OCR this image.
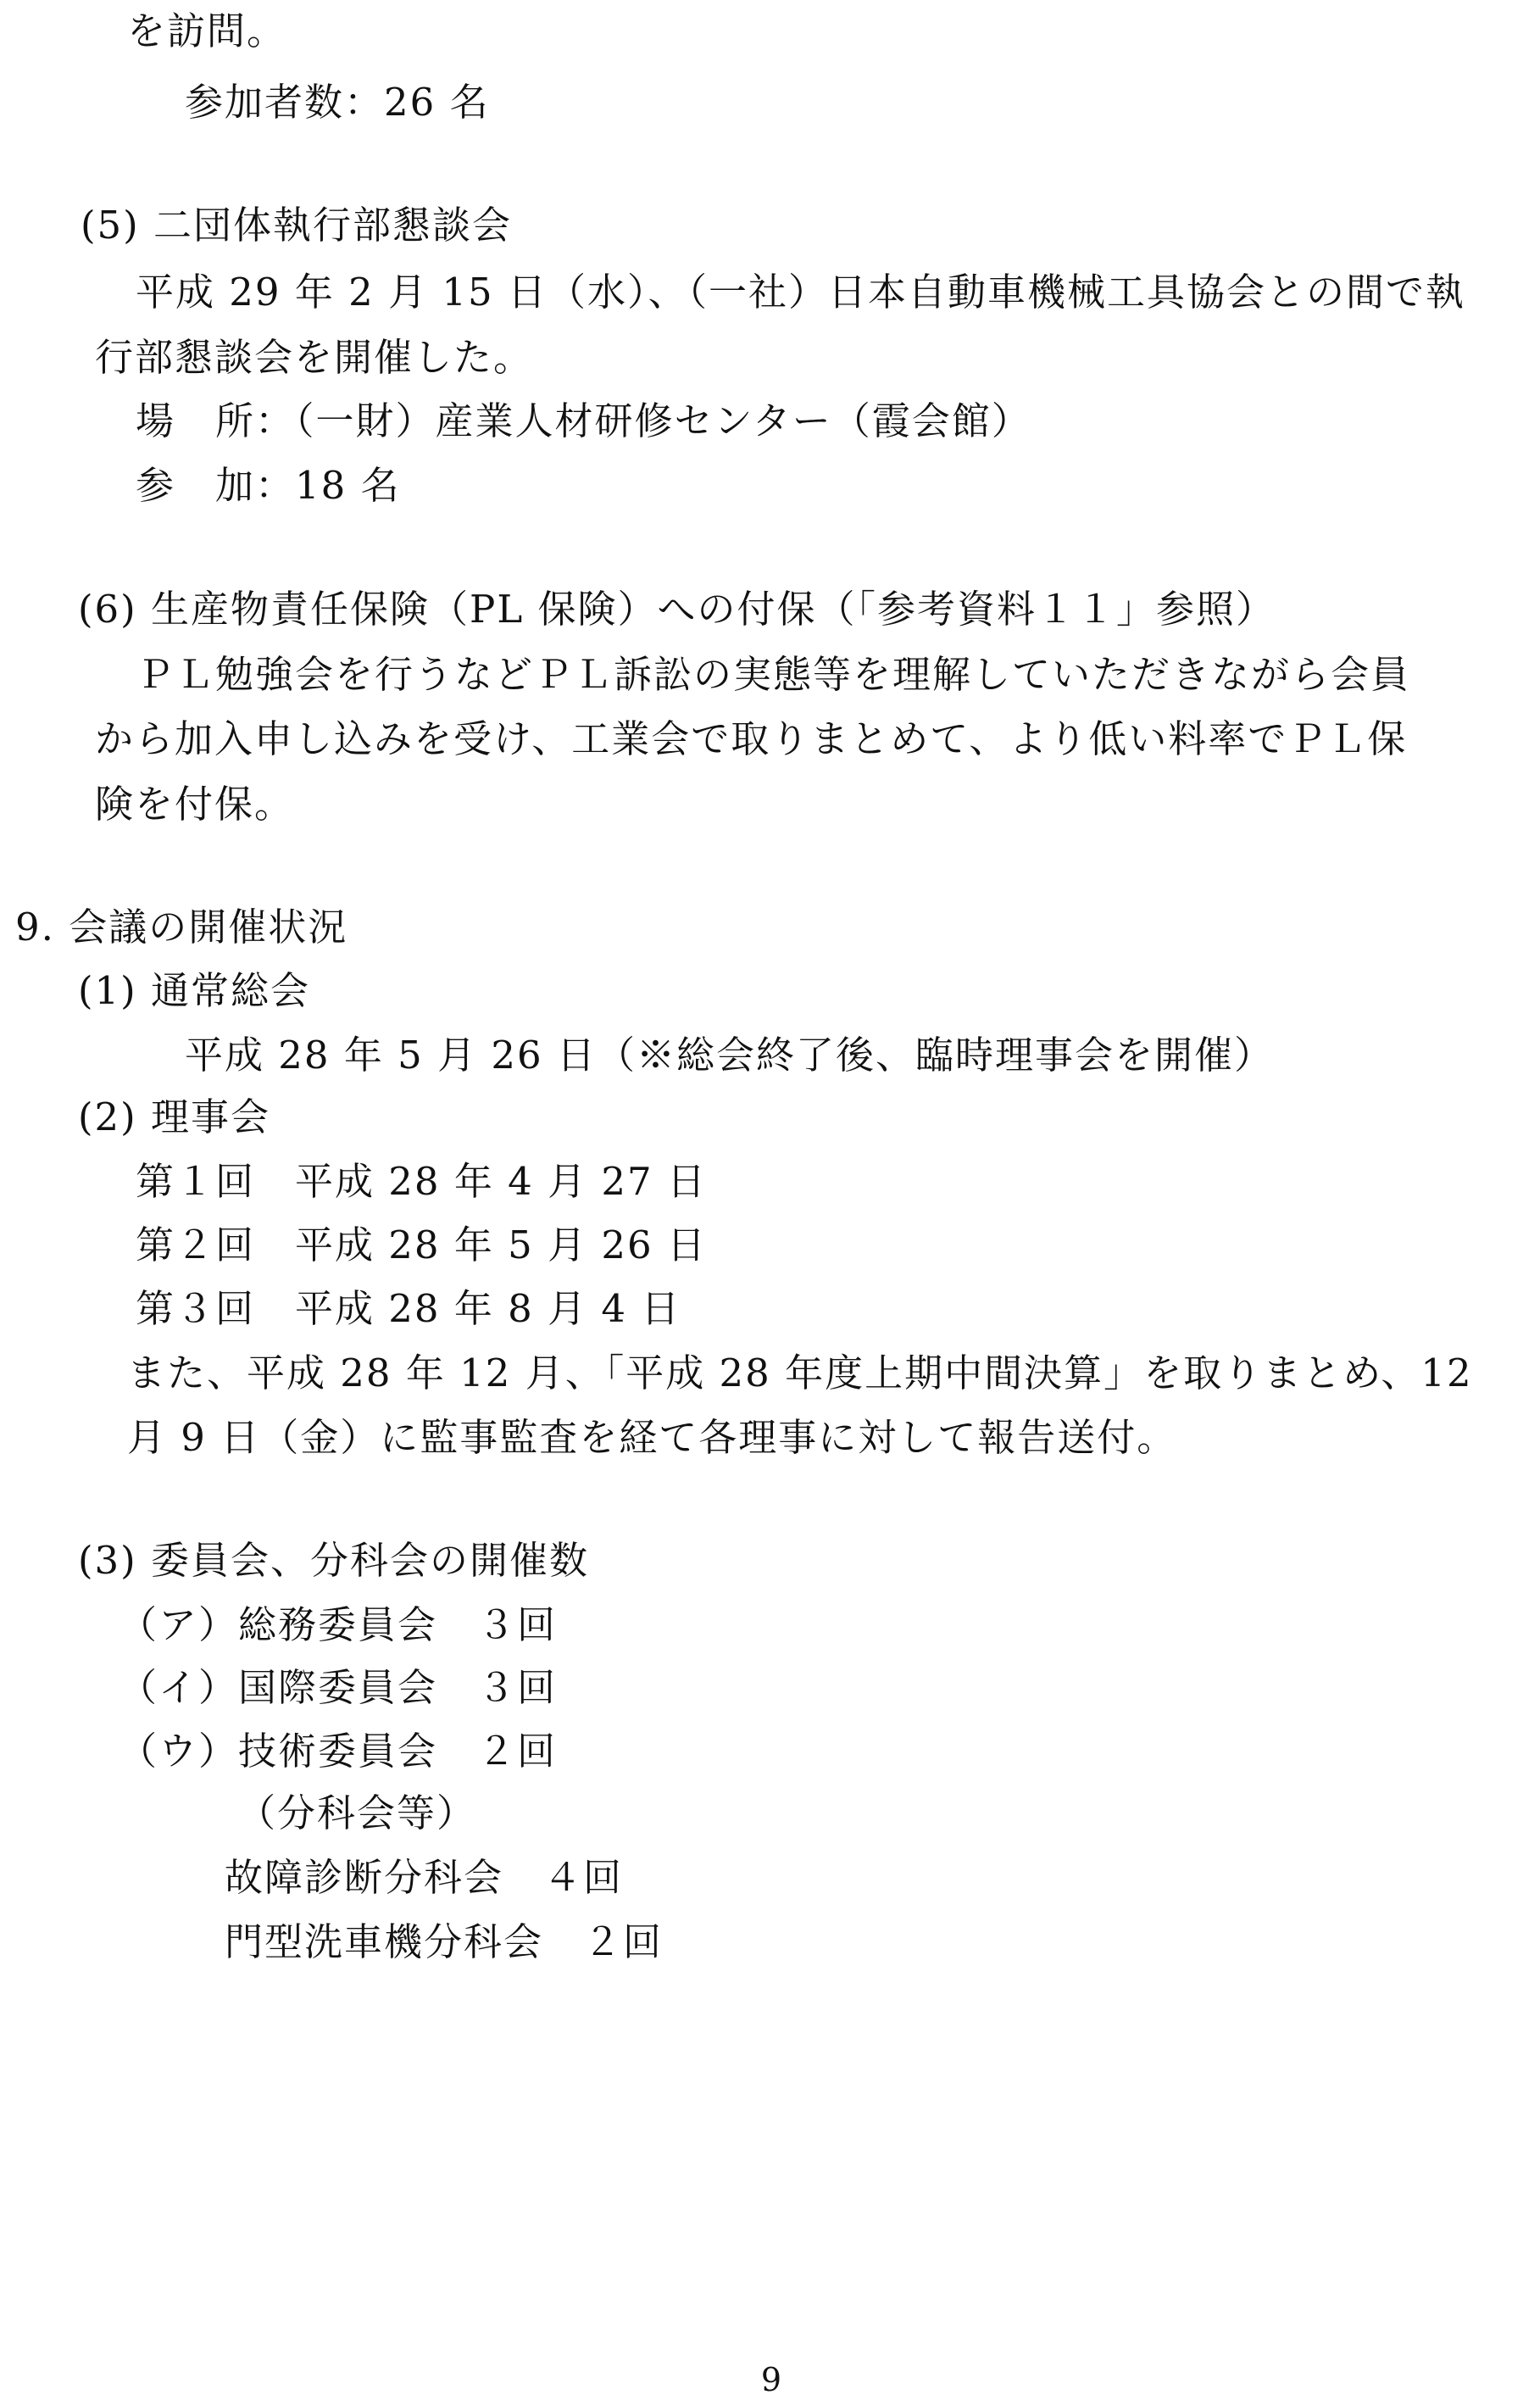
を訪問。

参加者数：26 名

(5) 二団体執行部懇談会

平成 29 年 2 月 15 日（水）、（一社）日本自動車機械工具協会との間で執

行部懇談会を開催した。

場　所：（一財）産業人材研修センター（霞会館）

参　加：18 名

(6) 生産物責任保険（PL 保険）への付保（「参考資料１１」参照）

ＰＬ勉強会を行うなどＰＬ訴訟の実態等を理解していただきながら会員

から加入申し込みを受け、工業会で取りまとめて、より低い料率でＰＬ保

険を付保。

9. 会議の開催状況

(1) 通常総会

平成 28 年 5 月 26 日（※総会終了後、臨時理事会を開催）

(2) 理事会

第１回　平成 28 年 4 月 27 日

第２回　平成 28 年 5 月 26 日

第３回　平成 28 年 8 月 4 日

また、平成 28 年 12 月、「平成 28 年度上期中間決算」を取りまとめ、12

月 9 日（金）に監事監査を経て各理事に対して報告送付。

(3) 委員会、分科会の開催数

（ア）総務委員会　３回

（イ）国際委員会　３回

（ウ）技術委員会　２回

（分科会等）

故障診断分科会　４回

門型洗車機分科会　２回

9
